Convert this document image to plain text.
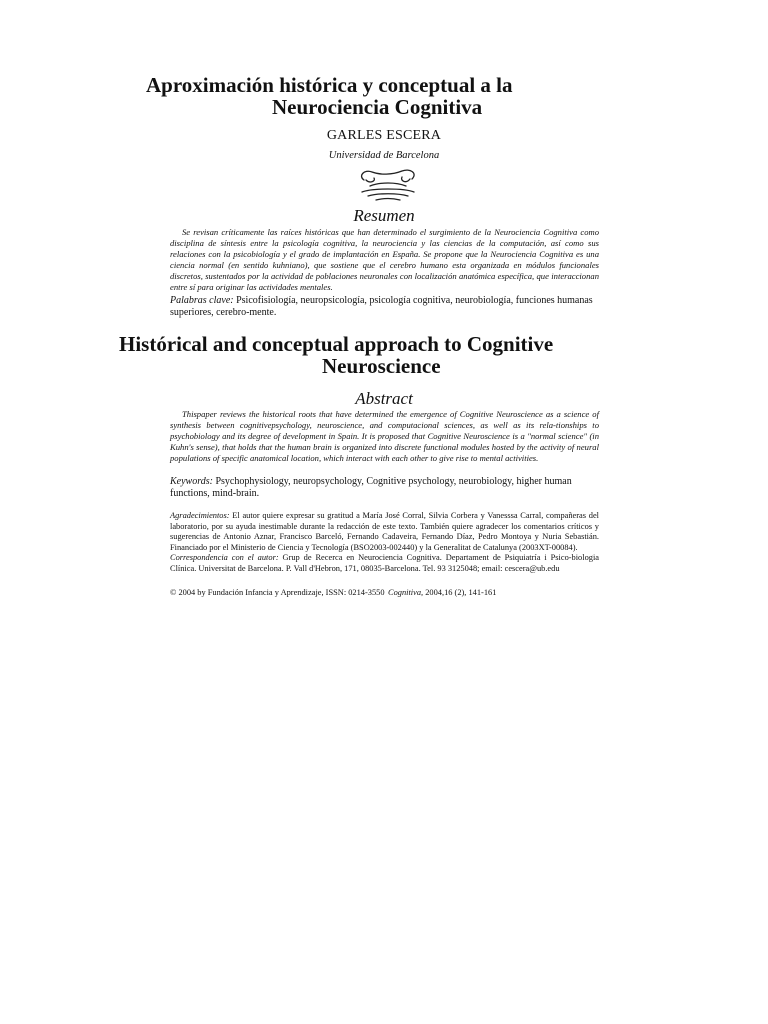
Aproximación histórica y conceptual a la
Neurociencia Cognitiva
GARLES ESCERA
Universidad de Barcelona
Resumen

Se revisan críticamente las raíces históricas que han determinado el surgimiento de la Neurociencia Cognitiva como disciplina de síntesis entre la psicología cognitiva, la neurociencia y las ciencias de la computación, así como sus relaciones con la psicobiología y el grado de implantación en España. Se propone que la Neurociencia Cognitiva es una ciencia normal (en sentido kuhniano), que sostiene que el cerebro humano esta organizada en módulos funcionales discretos, sustentados por la actividad de poblaciones neuronales con localización anatómica específica, que interaccionan entre sí para originar las actividades mentales.

Palabras clave: Psicofisiología, neuropsicología, psicología cognitiva, neurobiología, funciones humanas superiores, cerebro-mente.
Histórical and conceptual approach to Cognitive
Neuroscience
Abstract

Thispaper reviews the historical roots that have determined the emergence of Cognitive Neuroscience as a science of synthesis between cognitivepsychology, neuroscience, and computacional sciences, as well as its rela-tionships to psychobiology and its degree of development in Spain. It is proposed that Cognitive Neuroscience is a "normal science" (in Kuhn's sense), that holds that the human brain is organized into discrete functional modules hosted by the activity of neural populations of specific anatomical location, which interact with each other to give rise to mental activities.

Keywords: Psychophysiology, neuropsychology, Cognitive psychology, neurobiology, higher human functions, mind-brain.

Agradecimientos: El autor quiere expresar su gratitud a María José Corral, Silvia Corbera y Vanesssa Carral, compañeras del laboratorio, por su ayuda inestimable durante la redacción de este texto. También quiere agradecer los comentarios críticos y sugerencias de Antonio Aznar, Francisco Barceló, Fernando Cadaveira, Fernando Díaz, Pedro Montoya y Nuria Sebastián. Financiado por el Ministerio de Ciencia y Tecnología (BSO2003-002440) y la Generalitat de Catalunya (2003XT-00084).

Correspondencia con el autor: Grup de Recerca en Neurociencia Cognitiva. Departament de Psiquiatría i Psico-biologia Clínica. Universitat de Barcelona. P. Vall d'Hebron, 171, 08035-Barcelona. Tel. 93 3125048; email: cescera@ub.edu

© 2004 by Fundación Infancia y Aprendizaje, ISSN: 0214-3550 Cognitiva, 2004,16 (2), 141-161
